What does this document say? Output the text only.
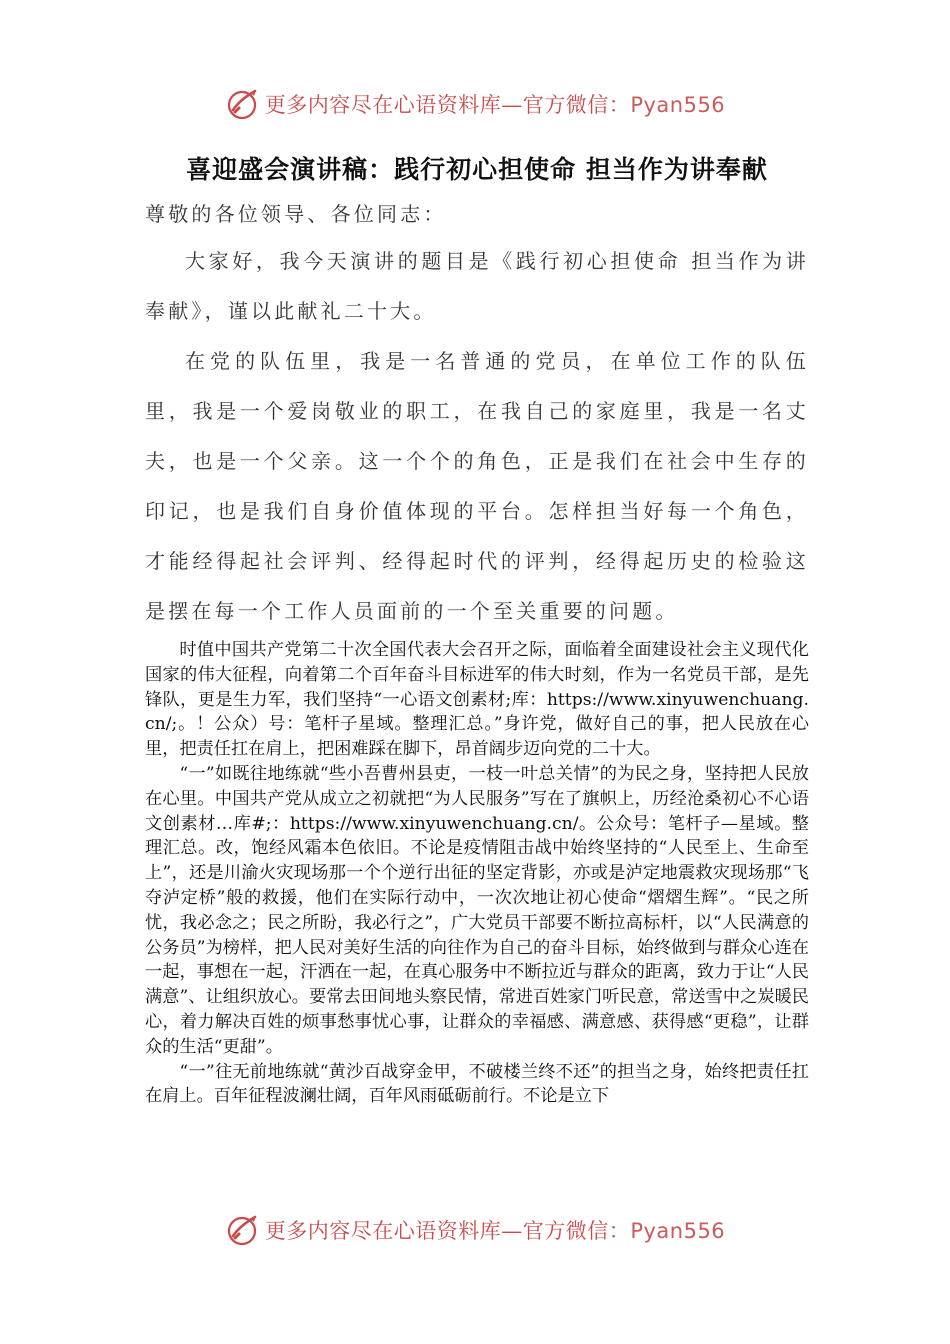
更多内容尽在心语资料库—官方微信：Pyan556
喜迎盛会演讲稿：践行初心担使命 担当作为讲奉献

尊敬的各位领导、各位同志：

大家好，我今天演讲的题目是《践行初心担使命 担当作为讲奉献》，谨以此献礼二十大。

在党的队伍里，我是一名普通的党员，在单位工作的队伍里，我是一个爱岗敬业的职工，在我自己的家庭里，我是一名丈夫，也是一个父亲。这一个个的角色，正是我们在社会中生存的印记，也是我们自身价值体现的平台。怎样担当好每一个角色，才能经得起社会评判、经得起时代的评判，经得起历史的检验这是摆在每一个工作人员面前的一个至关重要的问题。

时值中国共产党第二十次全国代表大会召开之际，面临着全面建设社会主义现代化国家的伟大征程，向着第二个百年奋斗目标进军的伟大时刻，作为一名党员干部，是先锋队，更是生力军，我们坚持“一心语文创素材;库：https://www.xinyuwenchuang.cn/;。！公众）号：笔杆子星域。整理汇总。”身许党，做好自己的事，把人民放在心里，把责任扛在肩上，把困难踩在脚下，昂首阔步迈向党的二十大。

“一”如既往地练就“些小吾曹州县吏，一枝一叶总关情”的为民之身，坚持把人民放在心里。中国共产党从成立之初就把“为人民服务”写在了旗帜上，历经沧桑初心不心语文创素材…库#;：https://www.xinyuwenchuang.cn/。公众号：笔杆子—星域。整理汇总。改，饱经风霜本色依旧。不论是疫情阻击战中始终坚持的“人民至上、生命至上”，还是川渝火灾现场那一个个逆行出征的坚定背影，亦或是泸定地震救灾现场那“飞夺泸定桥”般的救援，他们在实际行动中，一次次地让初心使命“熠熠生辉”。“民之所忧，我必念之；民之所盼，我必行之”，广大党员干部要不断拉高标杆，以“人民满意的公务员”为榜样，把人民对美好生活的向往作为自己的奋斗目标，始终做到与群众心连在一起，事想在一起，汗洒在一起，在真心服务中不断拉近与群众的距离，致力于让“人民满意”、让组织放心。要常去田间地头察民情，常进百姓家门听民意，常送雪中之炭暖民心，着力解决百姓的烦事愁事忧心事，让群众的幸福感、满意感、获得感“更稳”，让群众的生活“更甜”。

“一”往无前地练就“黄沙百战穿金甲，不破楼兰终不还”的担当之身，始终把责任扛在肩上。百年征程波澜壮阔，百年风雨砥砺前行。不论是立下

更多内容尽在心语资料库—官方微信：Pyan556
